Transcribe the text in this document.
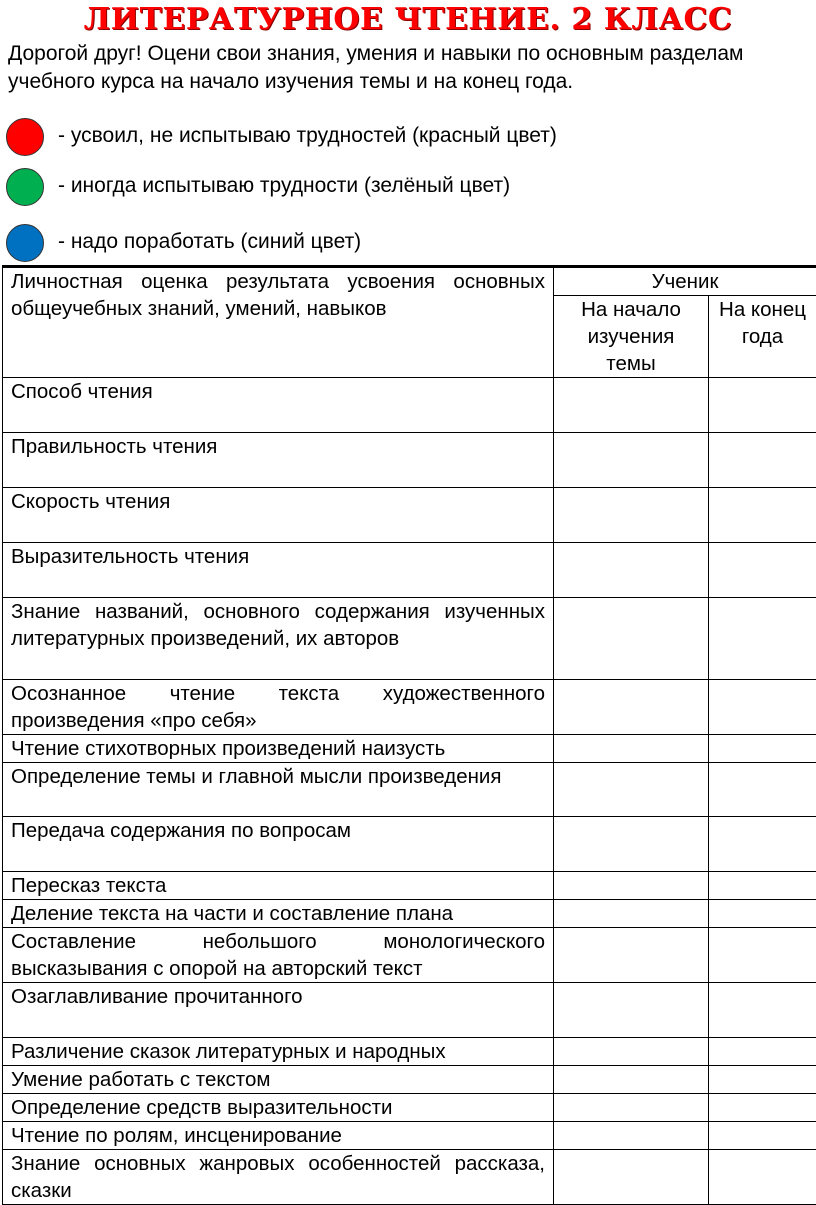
ЛИТЕРАТУРНОЕ ЧТЕНИЕ. 2 КЛАСС
Дорогой друг! Оцени свои знания, умения и навыки по основным разделам учебного курса на начало изучения темы и на конец года.
- усвоил, не испытываю трудностей (красный цвет)
- иногда испытываю трудности (зелёный цвет)
- надо поработать (синий цвет)
Личностная оценка результата усвоения основных общеучебных знаний, умений, навыков	Ученик	
	На начало изучения темы	На конец года
Способ чтения		
Правильность чтения		
Скорость чтения		
Выразительность чтения		
Знание названий, основного содержания изученных литературных произведений, их авторов		
Осознанное чтение текста художественного произведения «про себя»		
Чтение стихотворных произведений наизусть		
Определение темы и главной мысли произведения		
Передача содержания по вопросам		
Пересказ текста		
Деление текста на части и составление плана		
Составление небольшого монологического высказывания с опорой на авторский текст		
Озаглавливание прочитанного		
Различение сказок литературных и народных		
Умение работать с текстом		
Определение средств выразительности		
Чтение по ролям, инсценирование		
Знание основных жанровых особенностей рассказа, сказки		
